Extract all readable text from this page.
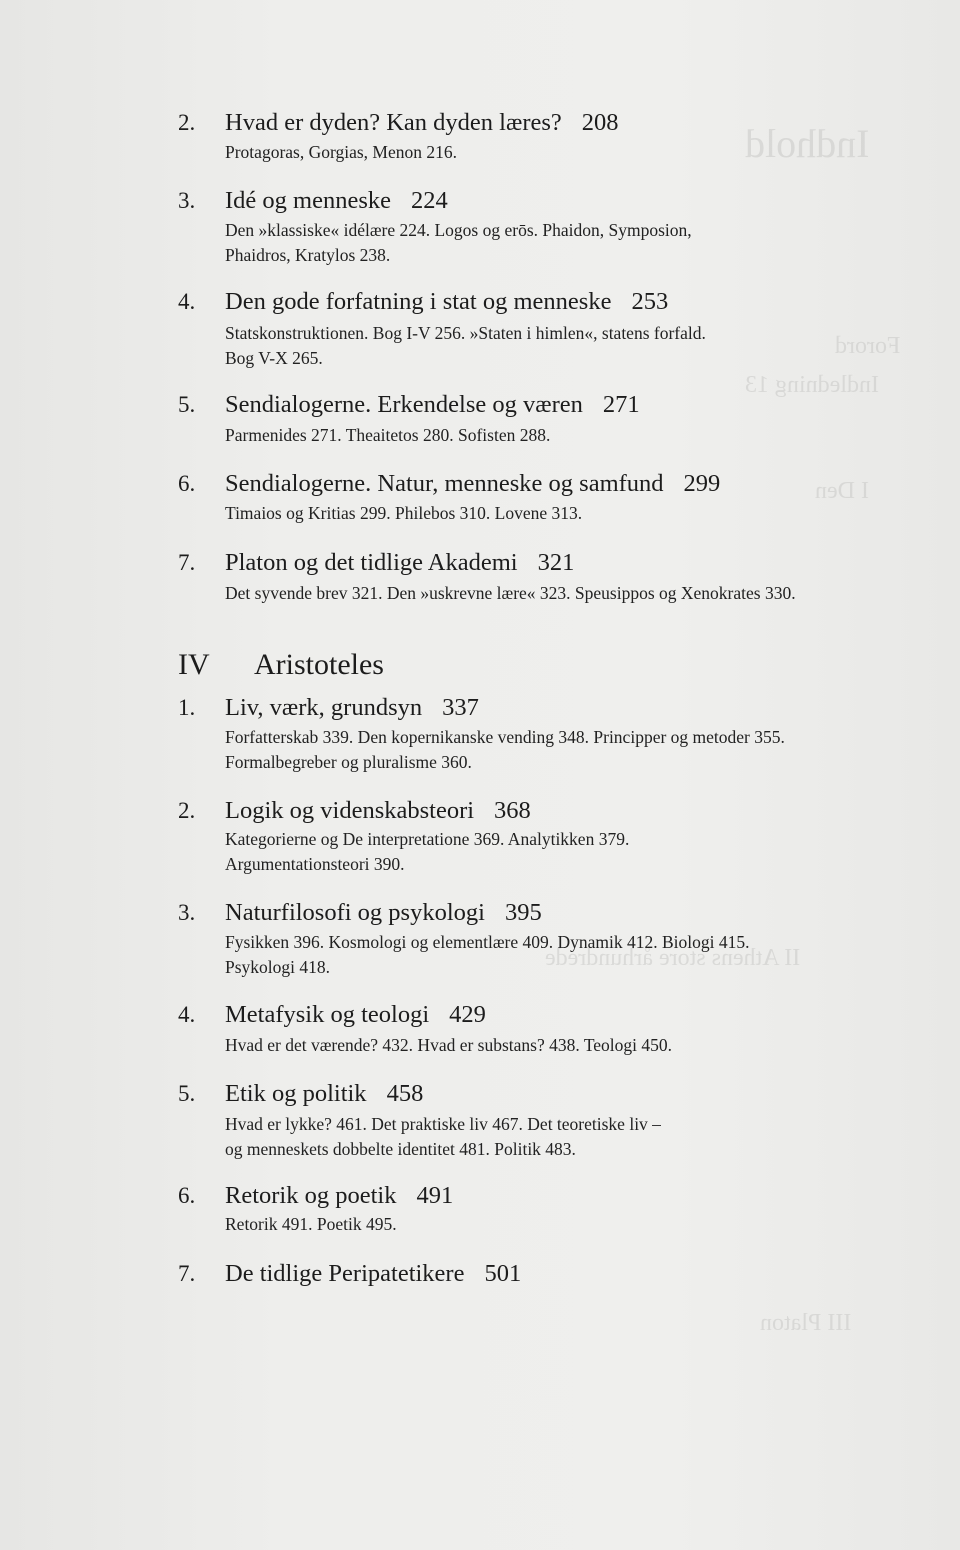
Indhold
Forord
Indledning 13
I Den
II Athens store århundrede
III Platon
2. Hvad er dyden? Kan dyden læres? 208
Protagoras, Gorgias, Menon 216.
3. Idé og menneske 224
Den »klassiske« idélære 224. Logos og erōs. Phaidon, Symposion,
Phaidros, Kratylos 238.
4. Den gode forfatning i stat og menneske 253
Statskonstruktionen. Bog I-V 256. »Staten i himlen«, statens forfald.
Bog V-X 265.
5. Sendialogerne. Erkendelse og væren 271
Parmenides 271. Theaitetos 280. Sofisten 288.
6. Sendialogerne. Natur, menneske og samfund 299
Timaios og Kritias 299. Philebos 310. Lovene 313.
7. Platon og det tidlige Akademi 321
Det syvende brev 321. Den »uskrevne lære« 323. Speusippos og Xenokrates 330.
IV Aristoteles
1. Liv, værk, grundsyn 337
Forfatterskab 339. Den kopernikanske vending 348. Principper og metoder 355.
Formalbegreber og pluralisme 360.
2. Logik og videnskabsteori 368
Kategorierne og De interpretatione 369. Analytikken 379.
Argumentationsteori 390.
3. Naturfilosofi og psykologi 395
Fysikken 396. Kosmologi og elementlære 409. Dynamik 412. Biologi 415.
Psykologi 418.
4. Metafysik og teologi 429
Hvad er det værende? 432. Hvad er substans? 438. Teologi 450.
5. Etik og politik 458
Hvad er lykke? 461. Det praktiske liv 467. Det teoretiske liv –
og menneskets dobbelte identitet 481. Politik 483.
6. Retorik og poetik 491
Retorik 491. Poetik 495.
7. De tidlige Peripatetikere 501
